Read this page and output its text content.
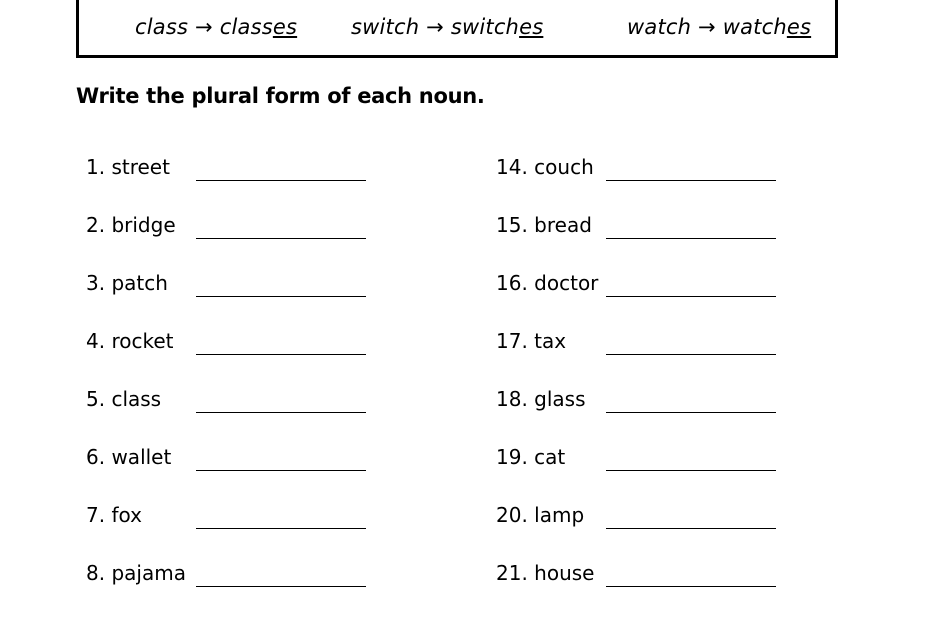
class → classes	switch → switches	watch → watches
Write the plural form of each noun.
1. street
2. bridge
3. patch
4. rocket
5. class
6. wallet
7. fox
8. pajama
14. couch
15. bread
16. doctor
17. tax
18. glass
19. cat
20. lamp
21. house
